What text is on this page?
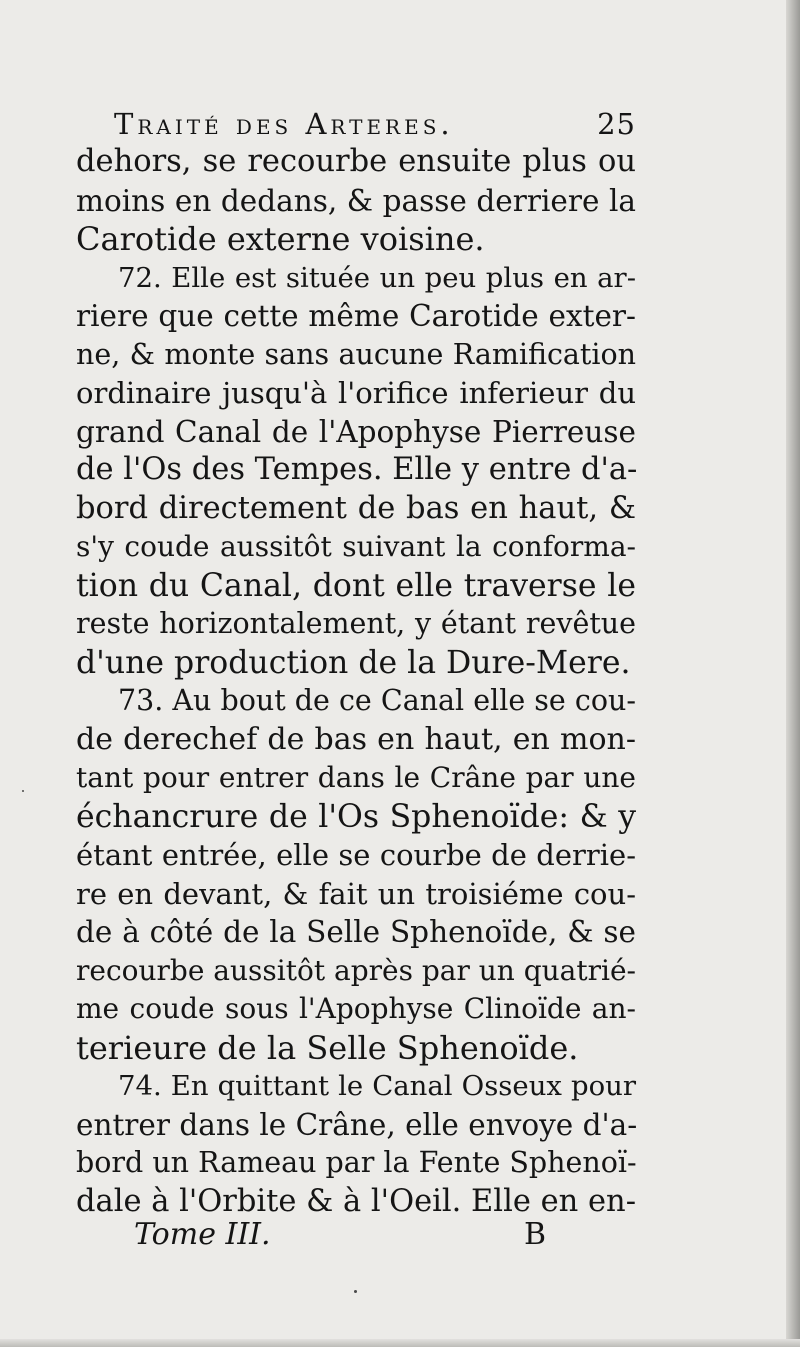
Traité des Arteres.	25
dehors, se recourbe ensuite plus ou
moins en dedans, & passe derriere la
Carotide externe voisine.
72. Elle est située un peu plus en ar-
riere que cette même Carotide exter-
ne, & monte sans aucune Ramification
ordinaire jusqu'à l'orifice inferieur du
grand Canal de l'Apophyse Pierreuse
de l'Os des Tempes. Elle y entre d'a-
bord directement de bas en haut, &
s'y coude aussitôt suivant la conforma-
tion du Canal, dont elle traverse le
reste horizontalement, y étant revêtue
d'une production de la Dure-Mere.
73. Au bout de ce Canal elle se cou-
de derechef de bas en haut, en mon-
tant pour entrer dans le Crâne par une
échancrure de l'Os Sphenoïde: & y
étant entrée, elle se courbe de derrie-
re en devant, & fait un troisiéme cou-
de à côté de la Selle Sphenoïde, & se
recourbe aussitôt après par un quatrié-
me coude sous l'Apophyse Clinoïde an-
terieure de la Selle Sphenoïde.
74. En quittant le Canal Osseux pour
entrer dans le Crâne, elle envoye d'a-
bord un Rameau par la Fente Sphenoï-
dale à l'Orbite & à l'Oeil. Elle en en-
Tome III.	B
